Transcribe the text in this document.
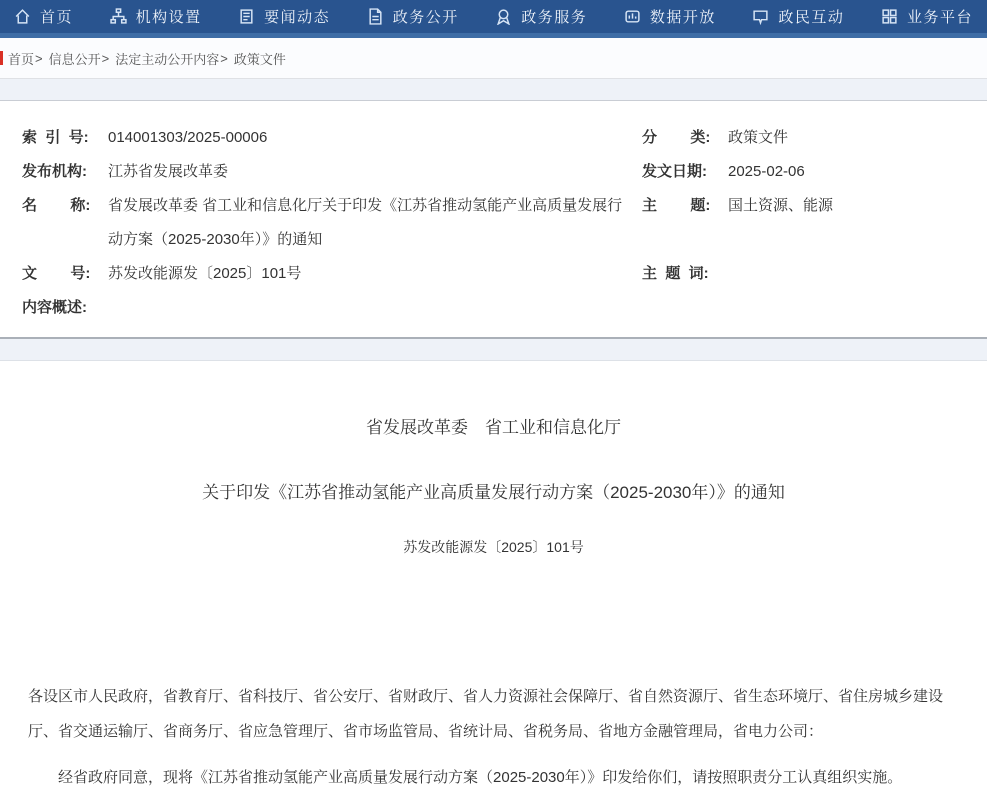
首页	机构设置	要闻动态	政务公开	政务服务	数据开放	政民互动	业务平台
首页 > 信息公开 > 法定主动公开内容 > 政策文件
索  引  号:	014001303/2025-00006	分        类:	政策文件
发布机构:	江苏省发展改革委	发文日期:	2025-02-06
名        称:	省发展改革委 省工业和信息化厅关于印发《江苏省推动氢能产业高质量发展行动方案（2025-2030年）》的通知
主        题:	国土资源、能源
文        号:	苏发改能源发〔2025〕101号	主  题  词:
内容概述:
省发展改革委　省工业和信息化厅
关于印发《江苏省推动氢能产业高质量发展行动方案（2025-2030年）》的通知
苏发改能源发〔2025〕101号

各设区市人民政府，省教育厅、省科技厅、省公安厅、省财政厅、省人力资源社会保障厅、省自然资源厅、省生态环境厅、省住房城乡建设厅、省交通运输厅、省商务厅、省应急管理厅、省市场监管局、省统计局、省税务局、省地方金融管理局，省电力公司：

经省政府同意，现将《江苏省推动氢能产业高质量发展行动方案（2025-2030年）》印发给你们，请按照职责分工认真组织实施。
